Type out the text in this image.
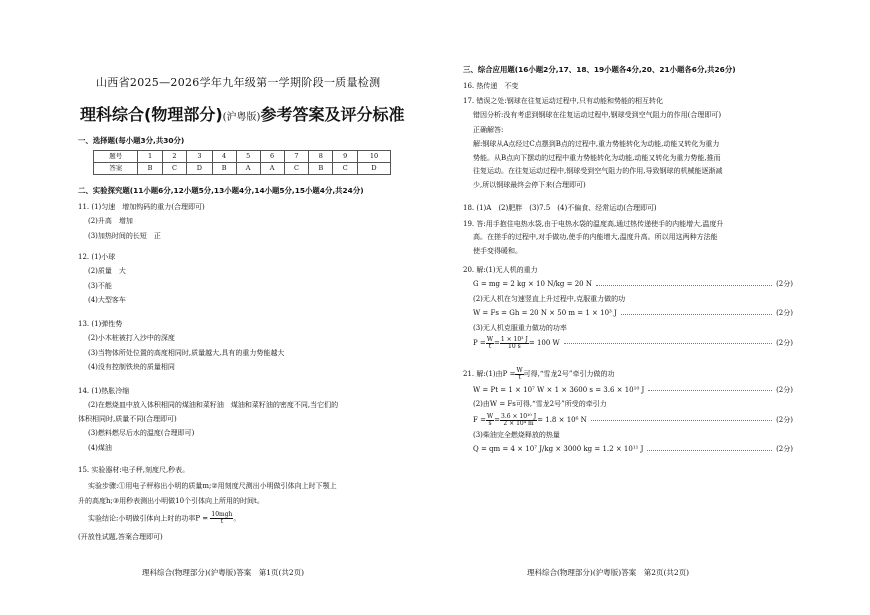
山西省2025—2026学年九年级第一学期阶段一质量检测
理科综合(物理部分)(沪粤版)参考答案及评分标准
一、选择题(每小题3分,共30分)
题号	1	2	3	4	5	6	7	8	9	10
答案	B	C	D	B	A	A	C	B	C	D
二、实验探究题(11小题6分,12小题5分,13小题4分,14小题5分,15小题4分,共24分)
11. (1)匀速　增加钩码的重力(合理即可)
(2)升高　增加
(3)加热时间的长短　正
12. (1)小球
(2)质量　大
(3)不能
(4)大型客车
13. (1)弹性势
(2)小木桩被打入沙中的深度
(3)当物体所处位置的高度相同时,质量越大,具有的重力势能越大
(4)没有控制铁块的质量相同
14. (1)热胀冷缩
(2)在燃烧皿中放入体积相同的煤油和菜籽油　煤油和菜籽油的密度不同,当它们的
体积相同时,质量不同(合理即可)
(3)燃料燃尽后水的温度(合理即可)
(4)煤油
15. 实验器材:电子秤,刻度尺,秒表。
实验步骤:①用电子秤称出小明的质量m;②用刻度尺测出小明做引体向上时下颚上
升的高度h;③用秒表测出小明做10个引体向上所用的时间t。
实验结论:小明做引体向上时的功率$P = \frac{\text{10mgh}}{t}$ 。
(开放性试题,答案合理即可)
理科综合(物理部分)(沪粤版)答案　第1页(共2页)
三、综合应用题(16小题2分,17、18、19小题各4分,20、21小题各6分,共26分)
16. 热传递　不变
17. 错误之处:钢球在往复运动过程中,只有动能和势能的相互转化
错因分析:没有考虑到钢球在往复运动过程中,钢球受到空气阻力的作用(合理即可)
正确解答:
解:钢球从A点经过C点摆到B点的过程中,重力势能转化为动能,动能又转化为重力
势能。从B点向下摆动的过程中重力势能转化为动能,动能又转化为重力势能,推而
往复运动。在往复运动过程中,钢球受到空气阻力的作用,导致钢球的机械能逐渐减
少,所以钢球最终会停下来(合理即可)
18. (1)A　(2)肥胖　(3)7.5　(4)不偏食、经常运动(合理即可)
19. 答:用手抱住电热水袋,由于电热水袋的温度高,通过热传递使手的内能增大,温度升
高。在搓手的过程中,对手做功,使手的内能增大,温度升高。所以用这两种方法能
使手变得暖和。
20. 解:(1)无人机的重力
G = mg = 2 kg × 10 N/kg = 20 N	(2分)
(2)无人机在匀速竖直上升过程中,克服重力做的功
W = Fs = Gh = 20 N × 50 m = 1 × 10³ J	(2分)
(3)无人机克服重力做功的功率
$P = \frac{W}{t} = \frac{\text{1 × 10³ J}}{10 s} = 100$ W	(2分)
21. 解:(1)由$P = \frac{W}{t}$ 可得,“雪龙2号”牵引力做的功
W = Pt = 1 × 10⁷ W × 1 × 3600 s = 3.6 × 10¹⁰ J	(2分)
(2)由W = Fs可得,“雪龙2号”所受的牵引力
$F = \frac{W}{s} = \frac{\text{3.6 × 10¹⁰ J}}{\text{2 × 10⁴ m}} = 1.8 \times 10^6$ N	(2分)
(3)柴油完全燃烧释放的热量
Q = qm = 4 × 10⁷ J/kg × 3000 kg = 1.2 × 10¹¹ J	(2分)
理科综合(物理部分)(沪粤版)答案　第2页(共2页)
